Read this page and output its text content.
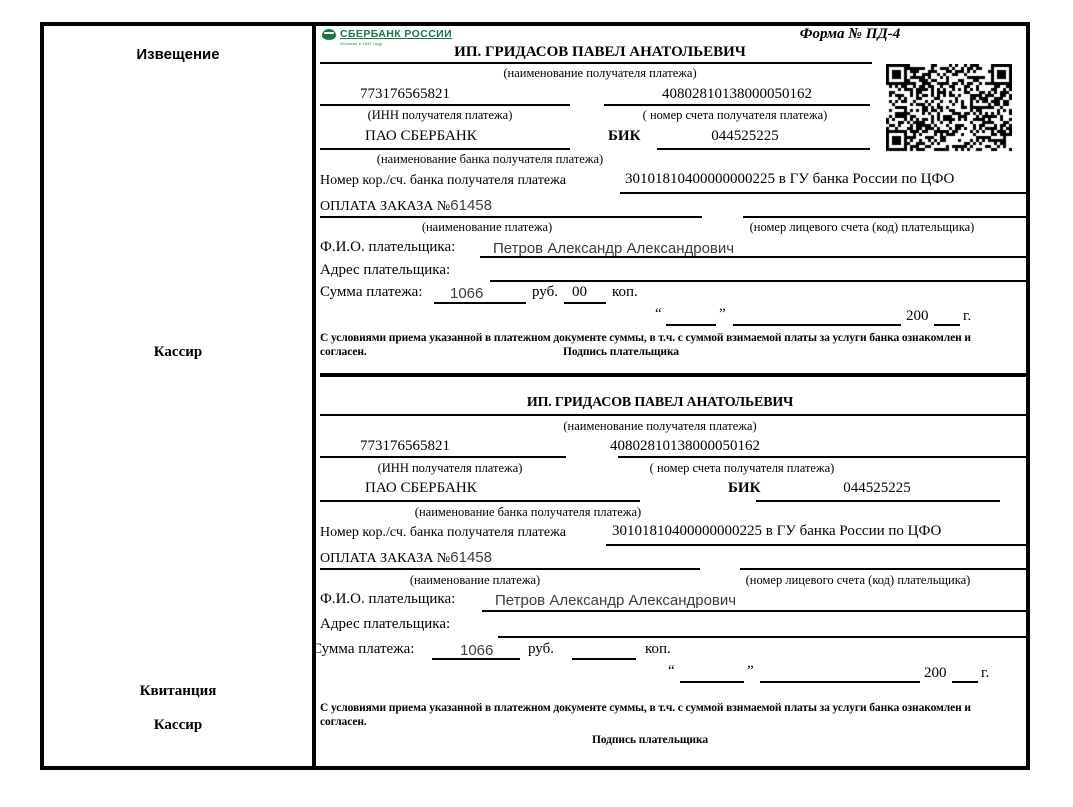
Извещение
Кассир
СБЕРБАНК РОССИИ
Основан в 1841 году
Форма № ПД-4
ИП. ГРИДАСОВ ПАВЕЛ АНАТОЛЬЕВИЧ
(наименование получателя платежа)
773176565821	40802810138000050162
(ИНН получателя платежа)	( номер счета получателя платежа)
ПАО СБЕРБАНК	БИК	044525225
(наименование банка получателя платежа)
Номер кор./сч. банка получателя платежа	30101810400000000225 в ГУ банка России по ЦФО
ОПЛАТА ЗАКАЗА №61458
(наименование платежа)	(номер лицевого счета (код) плательщика)
Ф.И.О. плательщика:	Петров Александр Александрович
Адрес плательщика:
Сумма платежа: 1066	руб. 00 коп.
“	”	200 г.
С условиями приема указанной в платежном документе суммы, в т.ч. с суммой взимаемой платы за услуги банка ознакомлен и согласен.	Подпись плательщика
Квитанция
Кассир
ИП. ГРИДАСОВ ПАВЕЛ АНАТОЛЬЕВИЧ
(наименование получателя платежа)
773176565821	40802810138000050162
(ИНН получателя платежа)	( номер счета получателя платежа)
ПАО СБЕРБАНК	БИК	044525225
(наименование банка получателя платежа)
Номер кор./сч. банка получателя платежа	30101810400000000225 в ГУ банка России по ЦФО
ОПЛАТА ЗАКАЗА №61458
(наименование платежа)	(номер лицевого счета (код) плательщика)
Ф.И.О. плательщика:	Петров Александр Александрович
Адрес плательщика:
Сумма платежа:	1066 руб.	коп.
“	”	200 г.
С условиями приема указанной в платежном документе суммы, в т.ч. с суммой взимаемой платы за услуги банка ознакомлен и согласен.
Подпись плательщика
